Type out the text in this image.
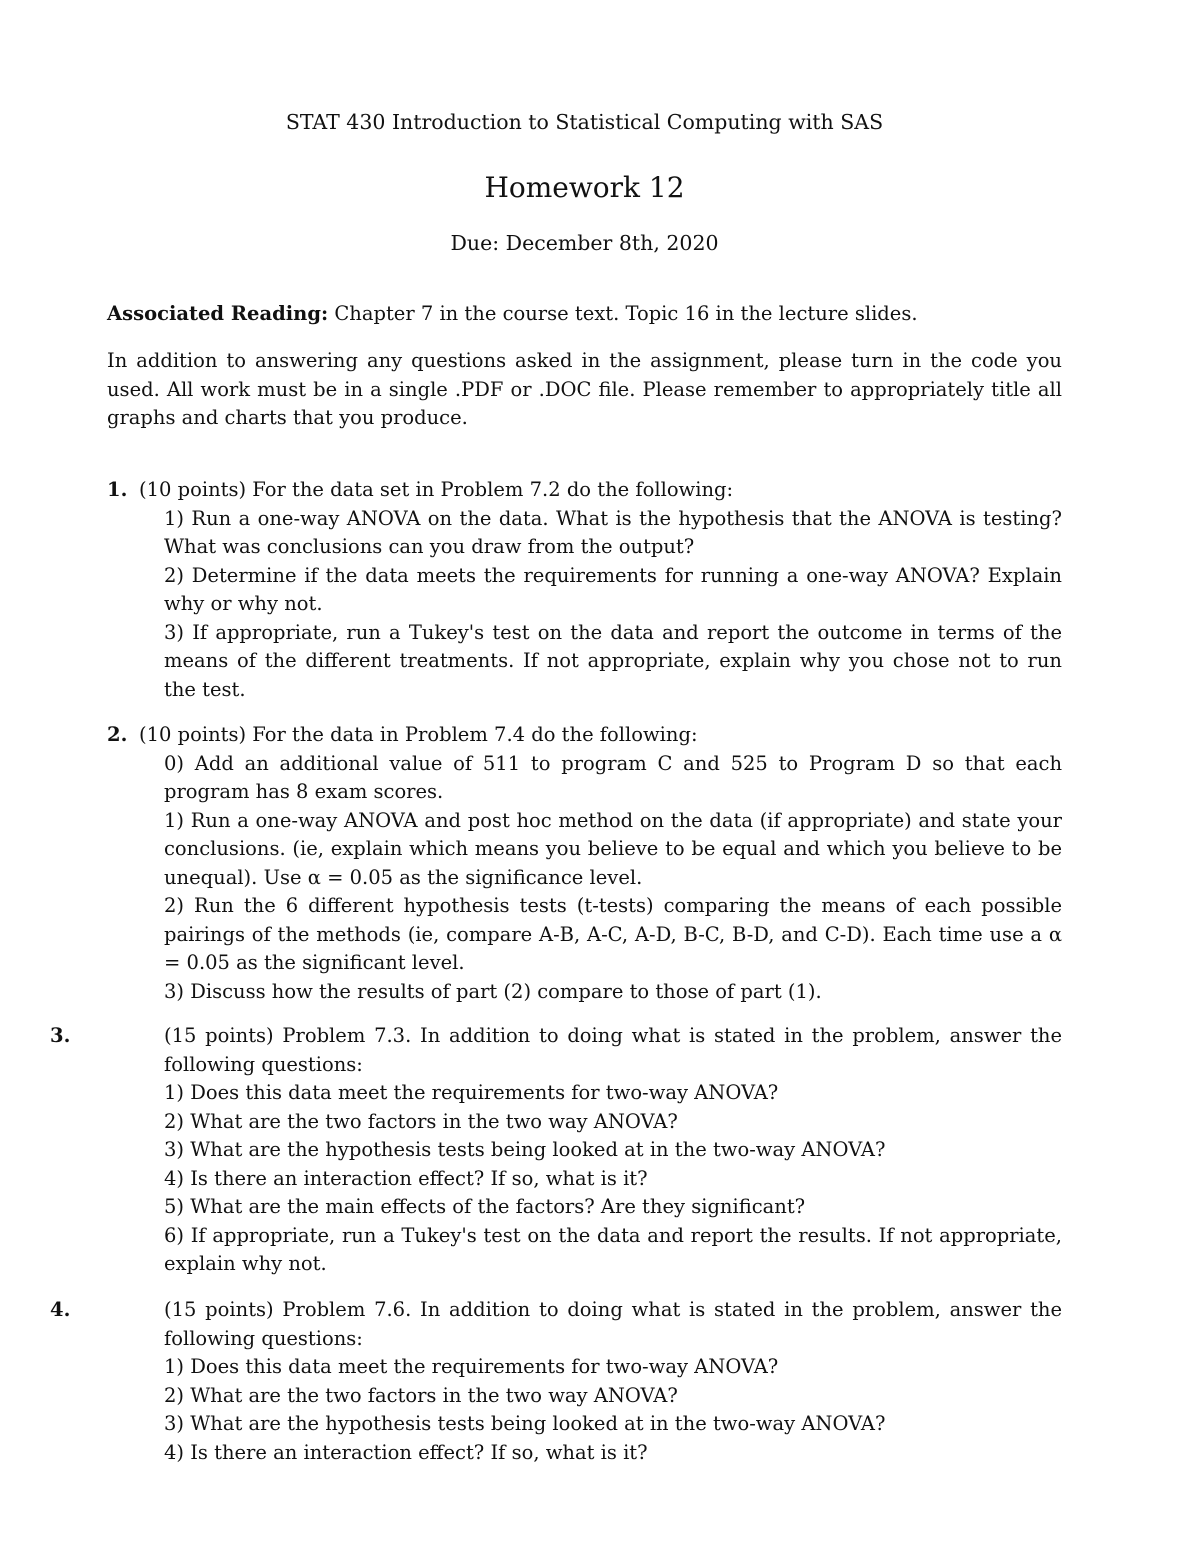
STAT 430 Introduction to Statistical Computing with SAS
Homework 12
Due: December 8th, 2020
Associated Reading: Chapter 7 in the course text. Topic 16 in the lecture slides.
In addition to answering any questions asked in the assignment, please turn in the code you used. All work must be in a single .PDF or .DOC file. Please remember to appropriately title all graphs and charts that you produce.
1. (10 points) For the data set in Problem 7.2 do the following:
1) Run a one-way ANOVA on the data. What is the hypothesis that the ANOVA is testing? What was conclusions can you draw from the output?
2) Determine if the data meets the requirements for running a one-way ANOVA? Explain why or why not.
3) If appropriate, run a Tukey's test on the data and report the outcome in terms of the means of the different treatments. If not appropriate, explain why you chose not to run the test.
2. (10 points) For the data in Problem 7.4 do the following:
0) Add an additional value of 511 to program C and 525 to Program D so that each program has 8 exam scores.
1) Run a one-way ANOVA and post hoc method on the data (if appropriate) and state your conclusions. (ie, explain which means you believe to be equal and which you believe to be unequal). Use α = 0.05 as the significance level.
2) Run the 6 different hypothesis tests (t-tests) comparing the means of each possible pairings of the methods (ie, compare A-B, A-C, A-D, B-C, B-D, and C-D). Each time use a α = 0.05 as the significant level.
3) Discuss how the results of part (2) compare to those of part (1).
3.	(15 points) Problem 7.3. In addition to doing what is stated in the problem, answer the following questions:
1) Does this data meet the requirements for two-way ANOVA?
2) What are the two factors in the two way ANOVA?
3) What are the hypothesis tests being looked at in the two-way ANOVA?
4) Is there an interaction effect? If so, what is it?
5) What are the main effects of the factors? Are they significant?
6) If appropriate, run a Tukey's test on the data and report the results. If not appropriate, explain why not.
4.	(15 points) Problem 7.6. In addition to doing what is stated in the problem, answer the following questions:
1) Does this data meet the requirements for two-way ANOVA?
2) What are the two factors in the two way ANOVA?
3) What are the hypothesis tests being looked at in the two-way ANOVA?
4) Is there an interaction effect? If so, what is it?
